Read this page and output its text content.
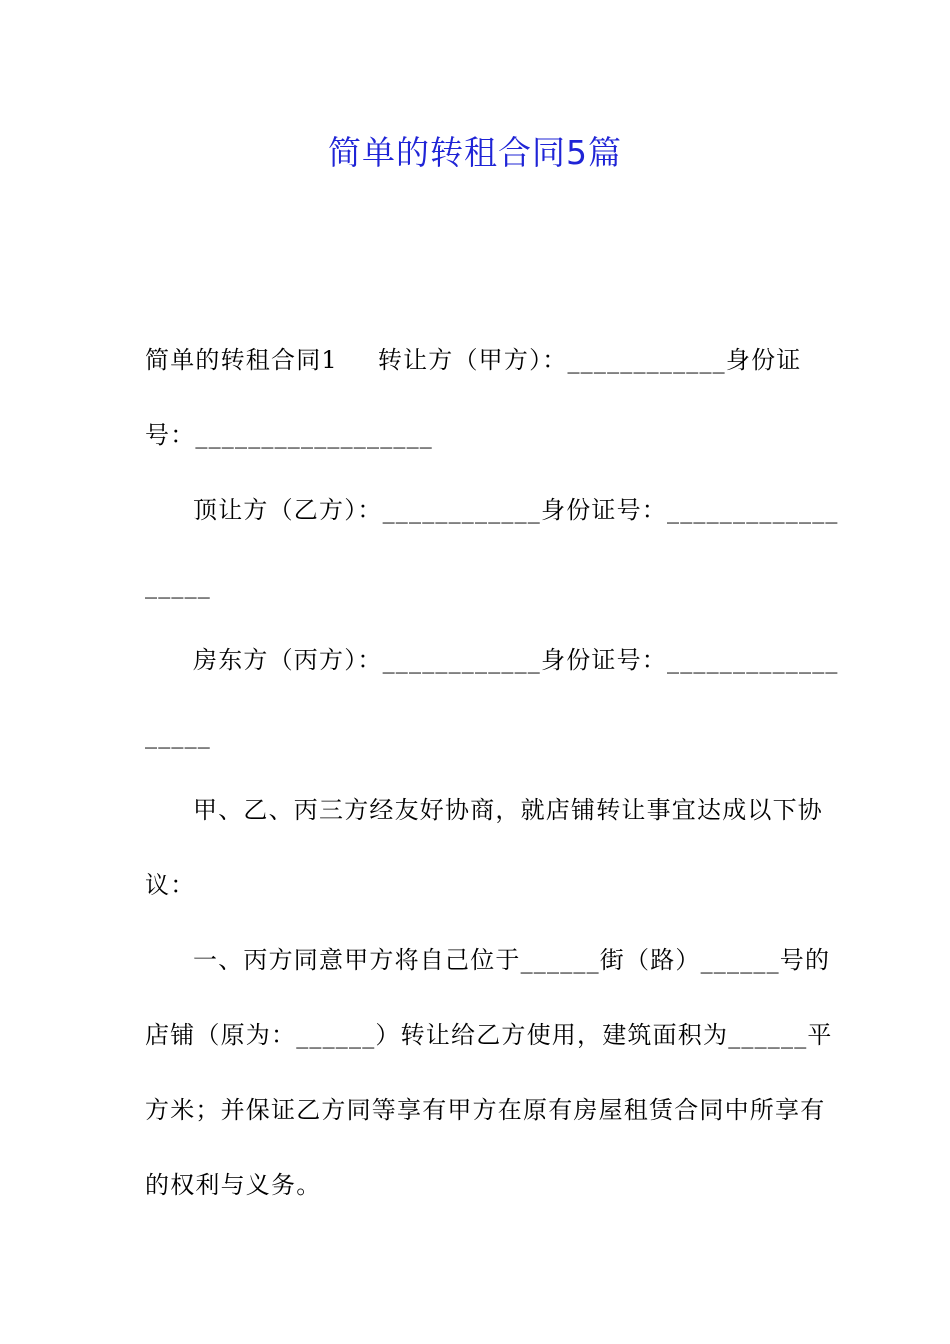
简单的转租合同5篇
简单的转租合同1 转让方（甲方）：____________身份证
号：__________________
顶让方（乙方）：____________身份证号：_____________
_____
房东方（丙方）：____________身份证号：_____________
_____
甲、乙、丙三方经友好协商，就店铺转让事宜达成以下协
议：
一、丙方同意甲方将自己位于______街（路）______号的
店铺（原为：______）转让给乙方使用，建筑面积为______平
方米；并保证乙方同等享有甲方在原有房屋租赁合同中所享有
的权利与义务。
